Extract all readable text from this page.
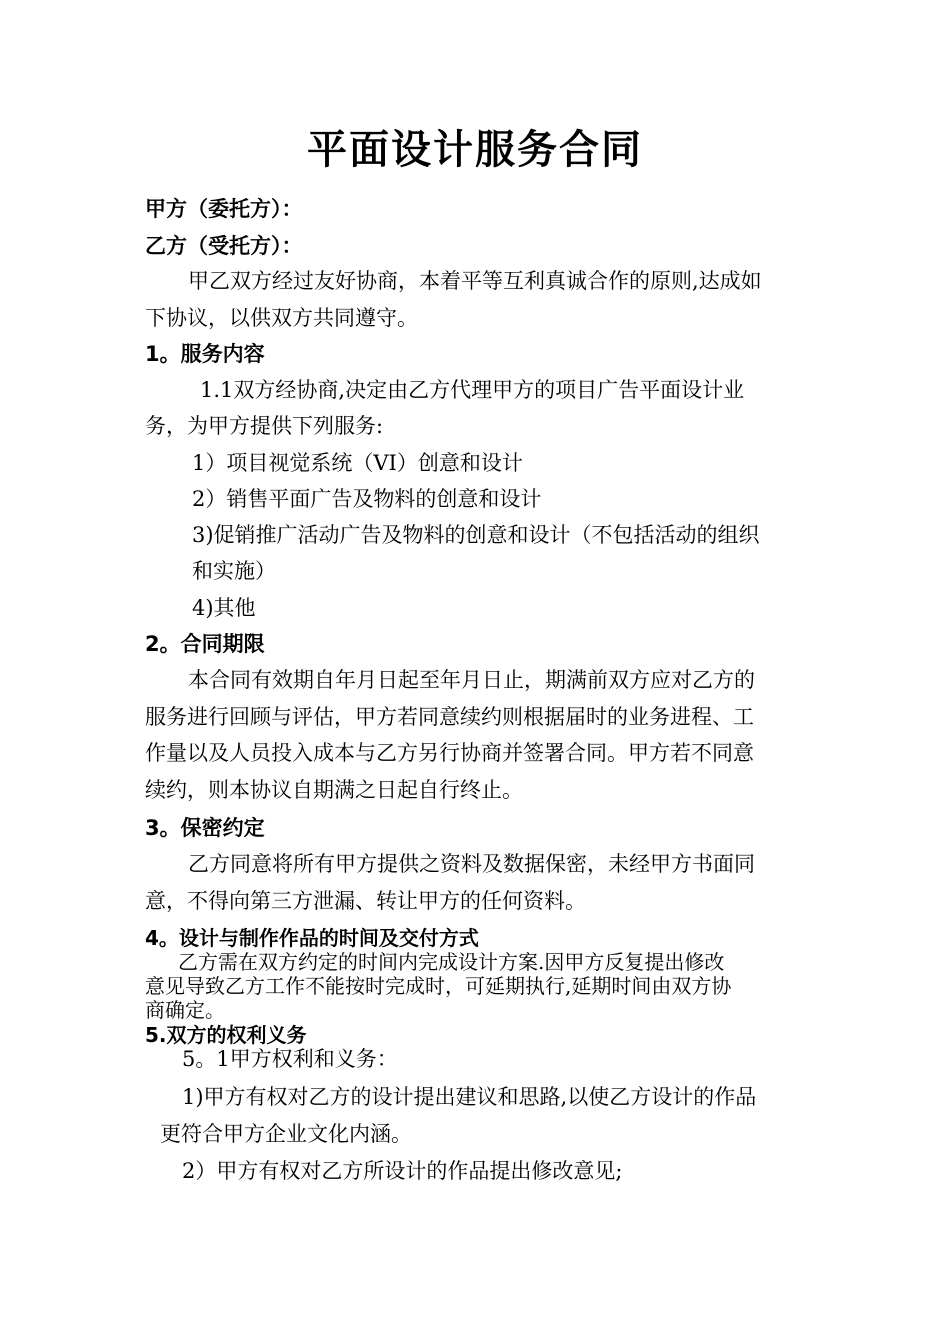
平面设计服务合同
甲方（委托方）：
乙方（受托方）：
甲乙双方经过友好协商，本着平等互利真诚合作的原则,达成如
下协议，以供双方共同遵守。
1。服务内容
1.1双方经协商,决定由乙方代理甲方的项目广告平面设计业
务，为甲方提供下列服务:
1）项目视觉系统（VI）创意和设计
2）销售平面广告及物料的创意和设计
3)促销推广活动广告及物料的创意和设计（不包括活动的组织
和实施）
4)其他
2。合同期限
本合同有效期自年月日起至年月日止，期满前双方应对乙方的
服务进行回顾与评估，甲方若同意续约则根据届时的业务进程、工
作量以及人员投入成本与乙方另行协商并签署合同。甲方若不同意
续约，则本协议自期满之日起自行终止。
3。保密约定
乙方同意将所有甲方提供之资料及数据保密，未经甲方书面同
意，不得向第三方泄漏、转让甲方的任何资料。
4。设计与制作作品的时间及交付方式
乙方需在双方约定的时间内完成设计方案.因甲方反复提出修改
意见导致乙方工作不能按时完成时，可延期执行,延期时间由双方协
商确定。
5.双方的权利义务
5。1甲方权利和义务：
1)甲方有权对乙方的设计提出建议和思路,以使乙方设计的作品
更符合甲方企业文化内涵。
2）甲方有权对乙方所设计的作品提出修改意见;
